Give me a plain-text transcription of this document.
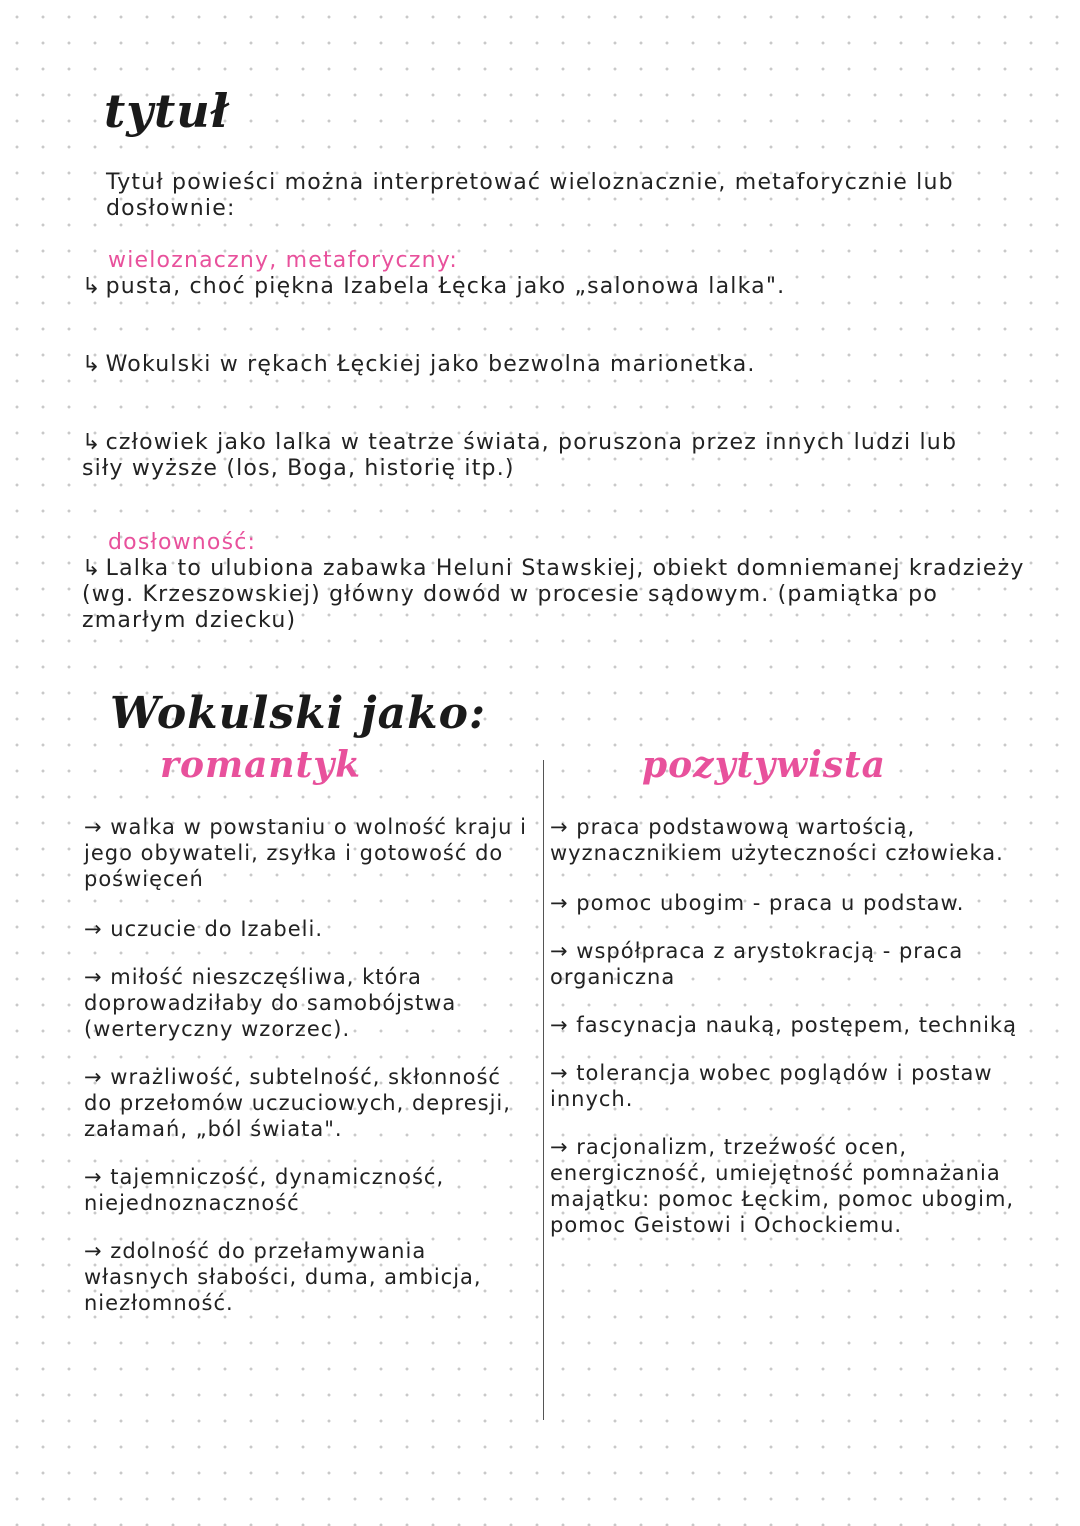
tytuł

Tytuł powieści można interpretować wieloznacznie, metaforycznie lub dosłownie:

wieloznaczny, metaforyczny:

↳ pusta, choć piękna Izabela Łęcka jako „salonowa lalka".

↳ Wokulski w rękach Łęckiej jako bezwolna marionetka.

↳ człowiek jako lalka w teatrze świata, poruszona przez innych ludzi lub siły wyższe (los, Boga, historię itp.)

dosłowność:

↳ Lalka to ulubiona zabawka Heluni Stawskiej, obiekt domniemanej kradzieży (wg. Krzeszowskiej) główny dowód w procesie sądowym. (pamiątka po zmarłym dziecku)

Wokulski jako:
romantyk	pozytywista
→ walka w powstaniu o wolność kraju i jego obywateli, zsyłka i gotowość do poświęceń
→ uczucie do Izabeli.
→ miłość nieszczęśliwa, która doprowadziłaby do samobójstwa (werteryczny wzorzec).
→ wrażliwość, subtelność, skłonność do przełomów uczuciowych, depresji, załamań, „ból świata".
→ tajemniczość, dynamiczność, niejednoznaczność
→ zdolność do przełamywania własnych słabości, duma, ambicja, niezłomność.
→ praca podstawową wartością, wyznacznikiem użyteczności człowieka.
→ pomoc ubogim - praca u podstaw.
→ współpraca z arystokracją - praca organiczna
→ fascynacja nauką, postępem, techniką
→ tolerancja wobec poglądów i postaw innych.
→ racjonalizm, trzeźwość ocen, energiczność, umiejętność pomnażania majątku: pomoc Łęckim, pomoc ubogim, pomoc Geistowi i Ochockiemu.
